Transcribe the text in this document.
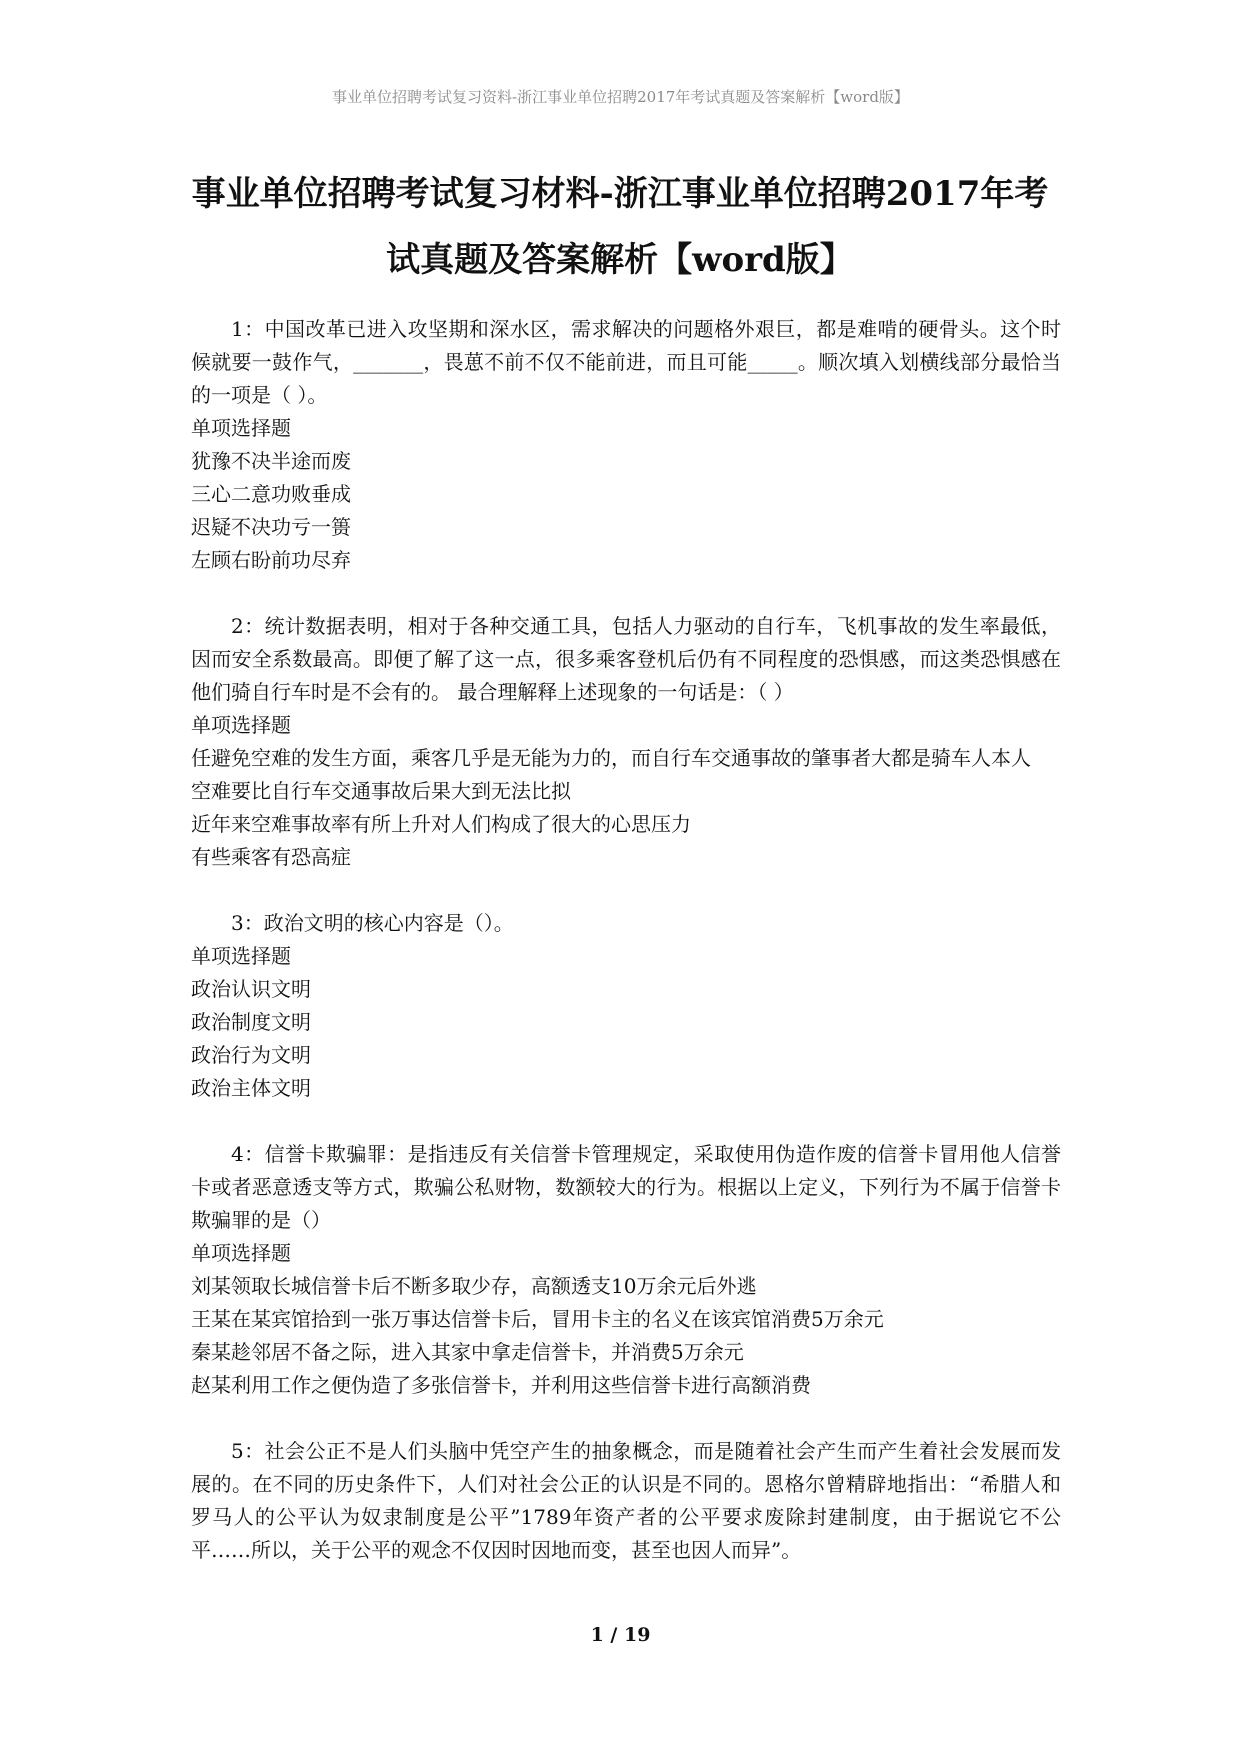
事业单位招聘考试复习资料-浙江事业单位招聘2017年考试真题及答案解析【word版】
事业单位招聘考试复习材料-浙江事业单位招聘2017年考
试真题及答案解析【word版】

1：中国改革已进入攻坚期和深水区，需求解决的问题格外艰巨，都是难啃的硬骨头。这个时候就要一鼓作气，_______，畏葸不前不仅不能前进，而且可能_____。顺次填入划横线部分最恰当的一项是（ ）。

单项选择题

犹豫不决半途而废

三心二意功败垂成

迟疑不决功亏一篑

左顾右盼前功尽弃

2：统计数据表明，相对于各种交通工具，包括人力驱动的自行车，飞机事故的发生率最低，因而安全系数最高。即便了解了这一点，很多乘客登机后仍有不同程度的恐惧感，而这类恐惧感在他们骑自行车时是不会有的。 最合理解释上述现象的一句话是：（ ）

单项选择题

任避免空难的发生方面，乘客几乎是无能为力的，而自行车交通事故的肇事者大都是骑车人本人

空难要比自行车交通事故后果大到无法比拟

近年来空难事故率有所上升对人们构成了很大的心思压力

有些乘客有恐高症

3：政治文明的核心内容是（）。

单项选择题

政治认识文明

政治制度文明

政治行为文明

政治主体文明

4：信誉卡欺骗罪：是指违反有关信誉卡管理规定，采取使用伪造作废的信誉卡冒用他人信誉卡或者恶意透支等方式，欺骗公私财物，数额较大的行为。根据以上定义，下列行为不属于信誉卡欺骗罪的是（）

单项选择题

刘某领取长城信誉卡后不断多取少存，高额透支10万余元后外逃

王某在某宾馆拾到一张万事达信誉卡后，冒用卡主的名义在该宾馆消费5万余元

秦某趁邻居不备之际，进入其家中拿走信誉卡，并消费5万余元

赵某利用工作之便伪造了多张信誉卡，并利用这些信誉卡进行高额消费

5：社会公正不是人们头脑中凭空产生的抽象概念，而是随着社会产生而产生着社会发展而发展的。在不同的历史条件下，人们对社会公正的认识是不同的。恩格尔曾精辟地指出：“希腊人和罗马人的公平认为奴隶制度是公平”1789年资产者的公平要求废除封建制度，由于据说它不公平……所以，关于公平的观念不仅因时因地而变，甚至也因人而异”。

1 / 19
